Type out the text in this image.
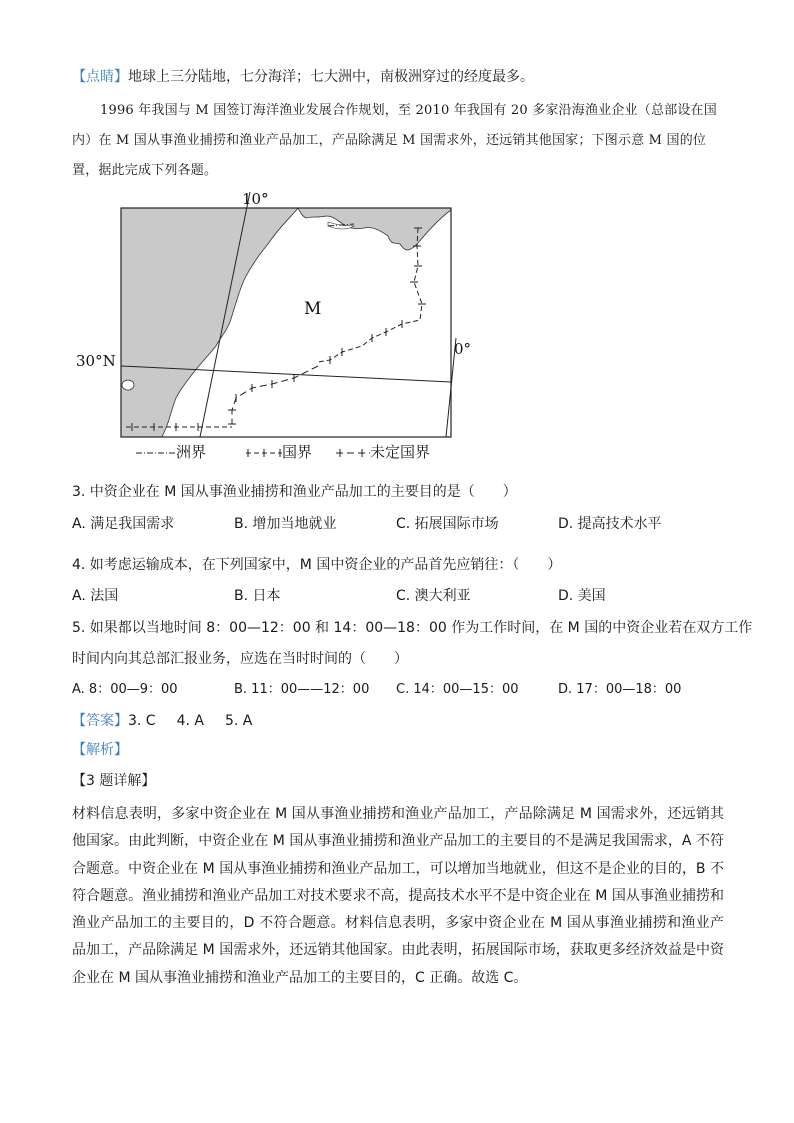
【点睛】地球上三分陆地，七分海洋；七大洲中，南极洲穿过的经度最多。
1996 年我国与 M 国签订海洋渔业发展合作规划，至 2010 年我国有 20 多家沿海渔业企业（总部设在国
内）在 M 国从事渔业捕捞和渔业产品加工，产品除满足 M 国需求外，还远销其他国家；下图示意 M 国的位
置，据此完成下列各题。
M
10°
0°
30°N
洲界	国界	未定国界
3. 中资企业在 M 国从事渔业捕捞和渔业产品加工的主要目的是（　　）
A. 满足我国需求	B. 增加当地就业	C. 拓展国际市场	D. 提高技术水平
4. 如考虑运输成本，在下列国家中，M 国中资企业的产品首先应销往：（　　）
A. 法国	B. 日本	C. 澳大利亚	D. 美国
5. 如果都以当地时间 8：00—12：00 和 14：00—18：00 作为工作时间，在 M 国的中资企业若在双方工作
时间内向其总部汇报业务，应选在当时时间的（　　）
A. 8：00—9：00	B. 11：00——12：00 C. 14：00—15：00	D. 17：00—18：00
【答案】3. C   4. A   5. A
【解析】
【3 题详解】

材料信息表明，多家中资企业在 M 国从事渔业捕捞和渔业产品加工，产品除满足 M 国需求外，还远销其他国家。由此判断，中资企业在 M 国从事渔业捕捞和渔业产品加工的主要目的不是满足我国需求，A 不符合题意。中资企业在 M 国从事渔业捕捞和渔业产品加工，可以增加当地就业，但这不是企业的目的，B 不符合题意。渔业捕捞和渔业产品加工对技术要求不高，提高技术水平不是中资企业在 M 国从事渔业捕捞和渔业产品加工的主要目的，D 不符合题意。材料信息表明，多家中资企业在 M 国从事渔业捕捞和渔业产品加工，产品除满足 M 国需求外，还远销其他国家。由此表明，拓展国际市场，获取更多经济效益是中资企业在 M 国从事渔业捕捞和渔业产品加工的主要目的，C 正确。故选 C。
